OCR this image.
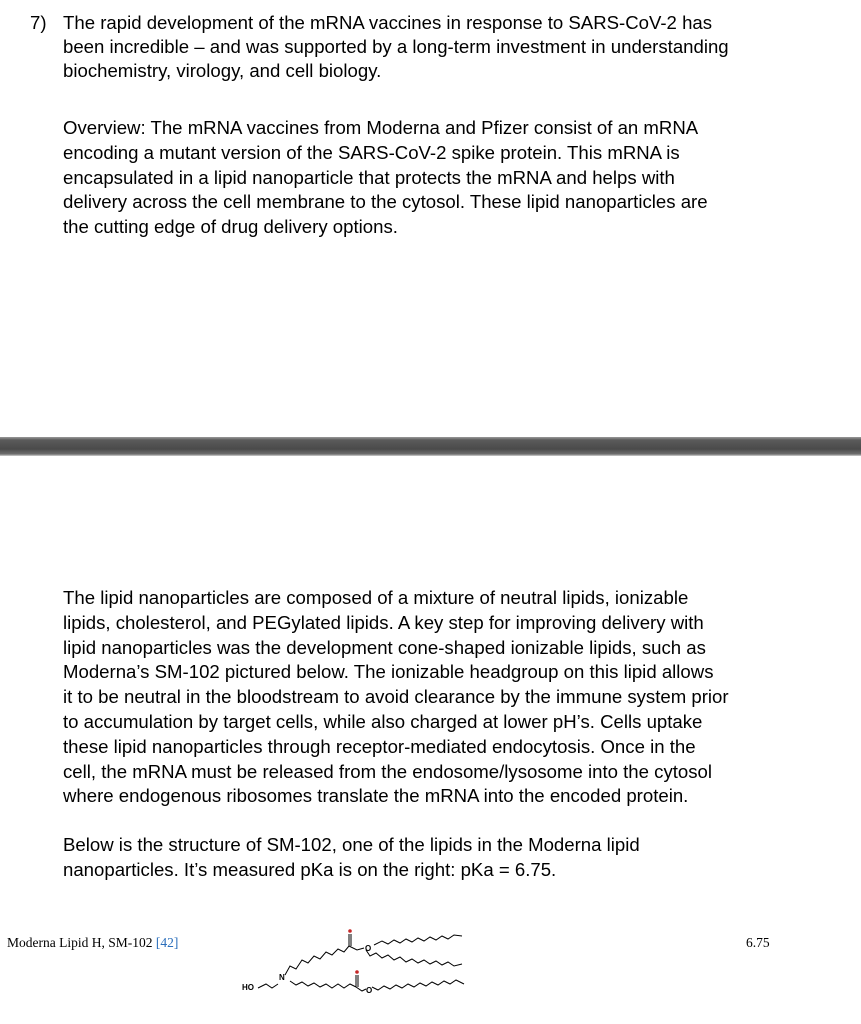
7) The rapid development of the mRNA vaccines in response to SARS-CoV-2 has
been incredible – and was supported by a long-term investment in understanding
biochemistry, virology, and cell biology.
Overview: The mRNA vaccines from Moderna and Pfizer consist of an mRNA
encoding a mutant version of the SARS-CoV-2 spike protein. This mRNA is
encapsulated in a lipid nanoparticle that protects the mRNA and helps with
delivery across the cell membrane to the cytosol. These lipid nanoparticles are
the cutting edge of drug delivery options.
The lipid nanoparticles are composed of a mixture of neutral lipids, ionizable
lipids, cholesterol, and PEGylated lipids. A key step for improving delivery with
lipid nanoparticles was the development cone-shaped ionizable lipids, such as
Moderna’s SM-102 pictured below. The ionizable headgroup on this lipid allows
it to be neutral in the bloodstream to avoid clearance by the immune system prior
to accumulation by target cells, while also charged at lower pH’s. Cells uptake
these lipid nanoparticles through receptor-mediated endocytosis. Once in the
cell, the mRNA must be released from the endosome/lysosome into the cytosol
where endogenous ribosomes translate the mRNA into the encoded protein.
Below is the structure of SM-102, one of the lipids in the Moderna lipid
nanoparticles. It’s measured pKa is on the right: pKa = 6.75.
Moderna Lipid H, SM-102 [42]
HO
N
O
O
6.75
